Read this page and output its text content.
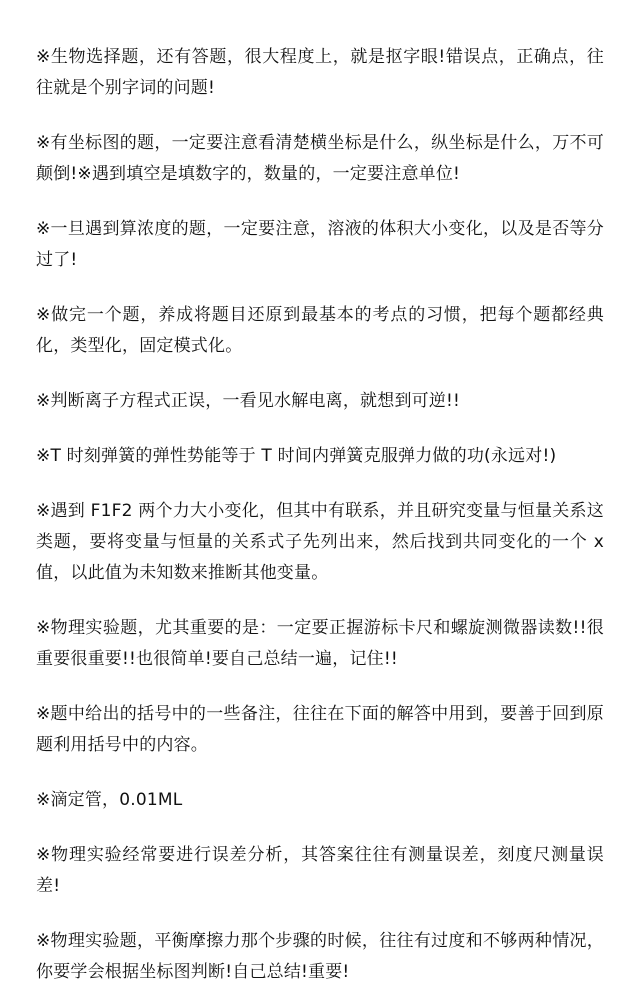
※生物选择题，还有答题，很大程度上，就是抠字眼!错误点，正确点，往往就是个别字词的问题!

※有坐标图的题，一定要注意看清楚横坐标是什么，纵坐标是什么，万不可颠倒!※遇到填空是填数字的，数量的，一定要注意单位!

※一旦遇到算浓度的题，一定要注意，溶液的体积大小变化，以及是否等分过了!

※做完一个题，养成将题目还原到最基本的考点的习惯，把每个题都经典化，类型化，固定模式化。

※判断离子方程式正误，一看见水解电离，就想到可逆!!

※T 时刻弹簧的弹性势能等于 T 时间内弹簧克服弹力做的功(永远对!)

※遇到 F1F2 两个力大小变化，但其中有联系，并且研究变量与恒量关系这类题，要将变量与恒量的关系式子先列出来，然后找到共同变化的一个 x 值，以此值为未知数来推断其他变量。

※物理实验题，尤其重要的是：一定要正握游标卡尺和螺旋测微器读数!!很重要很重要!!也很简单!要自己总结一遍，记住!!

※题中给出的括号中的一些备注，往往在下面的解答中用到，要善于回到原题利用括号中的内容。

※滴定管，0.01ML

※物理实验经常要进行误差分析，其答案往往有测量误差，刻度尺测量误差!

※物理实验题，平衡摩擦力那个步骤的时候，往往有过度和不够两种情况，你要学会根据坐标图判断!自己总结!重要!
